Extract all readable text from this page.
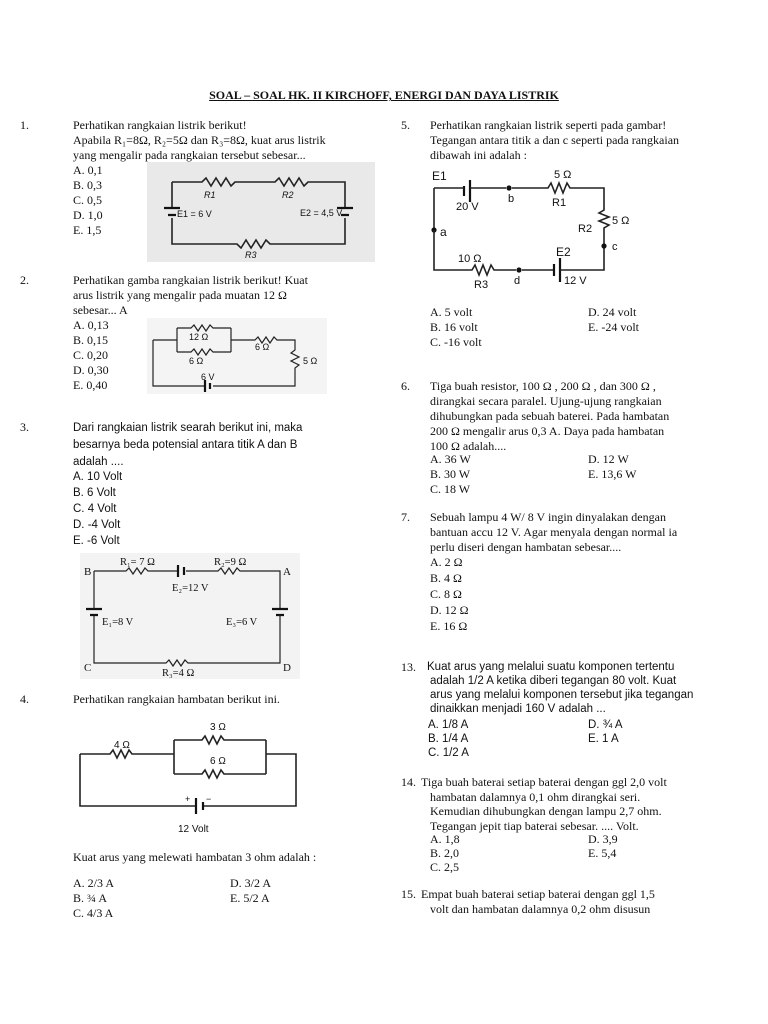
SOAL – SOAL HK. II KIRCHOFF, ENERGI DAN DAYA LISTRIK
1.	Perhatikan rangkaian listrik berikut!
Apabila R₁=8Ω, R₂=5Ω dan R₃=8Ω, kuat arus listrik
yang mengalir pada rangkaian tersebut sebesar...
A. 0,1
B. 0,3
C. 0,5
D. 1,0
E. 1,5
R1	R2
R3
E1 = 6 V	E2 = 4,5 V
2.	Perhatikan gamba rangkaian listrik berikut! Kuat
arus listrik yang mengalir pada muatan 12 Ω
sebesar... A
A. 0,13
B. 0,15
C. 0,20
D. 0,30
E. 0,40
12 Ω
6 Ω
6 Ω
5 Ω
6 V
3.	Dari rangkaian listrik searah berikut ini, maka
besarnya beda potensial antara titik A dan B
adalah ....
A. 10 Volt
B. 6 Volt
C. 4 Volt
D. -4 Volt
E. -6 Volt
B	A
C	D
R₁= 7 Ω	R₂=9 Ω
E₂=12 V
E₁=8 V	E₃=6 V
R₃=4 Ω
4.	Perhatikan rangkaian hambatan berikut ini.
4 Ω
3 Ω
6 Ω
+ −
12 Volt
Kuat arus yang melewati hambatan 3 ohm adalah :
A. 2/3 A
B. ¾ A
C. 4/3 A
D. 3/2 A
E. 5/2 A
5. Perhatikan rangkaian listrik seperti pada gambar!
Tegangan antara titik a dan c seperti pada rangkaian
dibawah ini adalah :
E1
20 V
b
5 Ω
R1
R2
5 Ω
a
10 Ω
R3 d
E2
12 V
c
A. 5 volt
B. 16 volt
C. -16 volt
D. 24 volt
E. -24 volt
6. Tiga buah resistor, 100 Ω , 200 Ω , dan 300 Ω ,
dirangkai secara paralel. Ujung-ujung rangkaian
dihubungkan pada sebuah baterei. Pada hambatan
200 Ω mengalir arus 0,3 A. Daya pada hambatan
100 Ω adalah....
A. 36 W
B. 30 W
C. 18 W
D. 12 W
E. 13,6 W
7. Sebuah lampu 4 W/ 8 V ingin dinyalakan dengan
bantuan accu 12 V. Agar menyala dengan normal ia
perlu diseri dengan hambatan sebesar....
A. 2 Ω
B. 4 Ω
C. 8 Ω
D. 12 Ω
E. 16 Ω
13. Kuat arus yang melalui suatu komponen tertentu
adalah 1/2 A ketika diberi tegangan 80 volt. Kuat
arus yang melalui komponen tersebut jika tegangan
dinaikkan menjadi 160 V adalah ...
A. 1/8 A
B. 1/4 A
C. 1/2 A
D. ¾ A
E. 1 A
14. Tiga buah baterai setiap baterai dengan ggl 2,0 volt
hambatan dalamnya 0,1 ohm dirangkai seri.
Kemudian dihubungkan dengan lampu 2,7 ohm.
Tegangan jepit tiap baterai sebesar. .... Volt.
A. 1,8
B. 2,0
C. 2,5
D. 3,9
E. 5,4
15. Empat buah baterai setiap baterai dengan ggl 1,5
volt dan hambatan dalamnya 0,2 ohm disusun
